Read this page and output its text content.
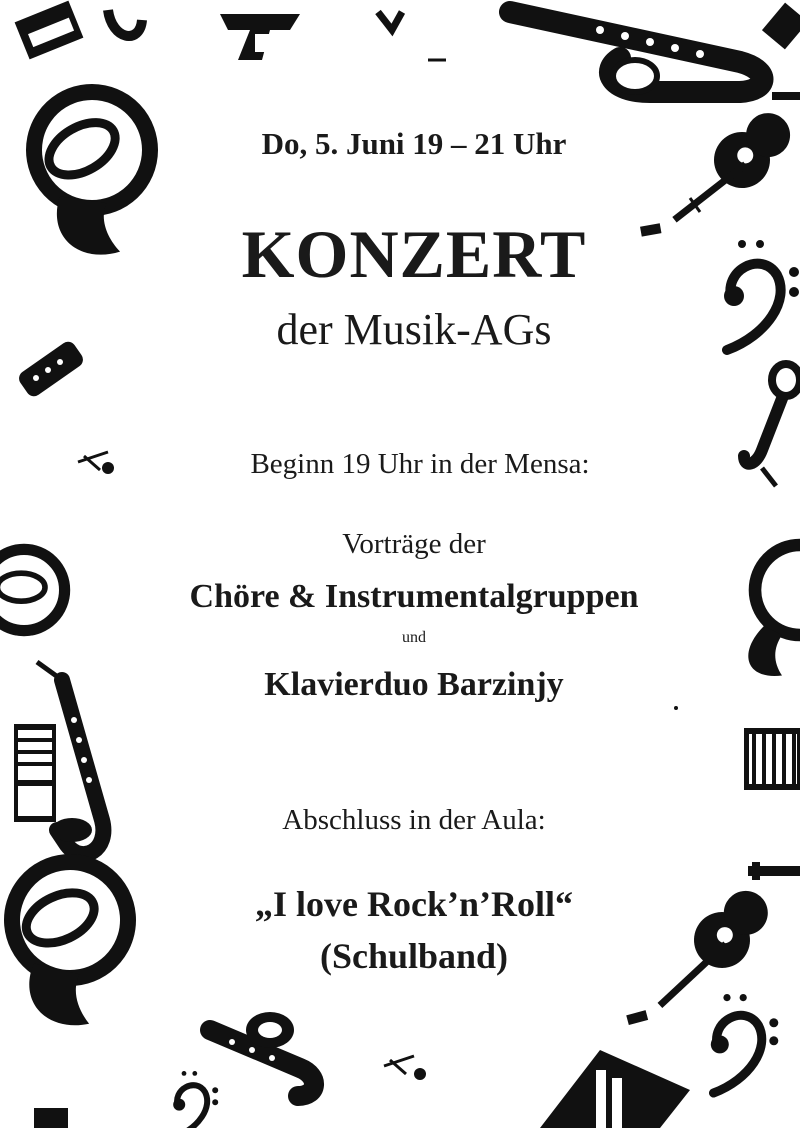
Do, 5. Juni 19 – 21 Uhr
KONZERT
der Musik-AGs
Beginn 19 Uhr in der Mensa:
Vorträge der
Chöre & Instrumentalgruppen
und
Klavierduo Barzinjy
Abschluss in der Aula:
„I love Rock’n’Roll“
(Schulband)
